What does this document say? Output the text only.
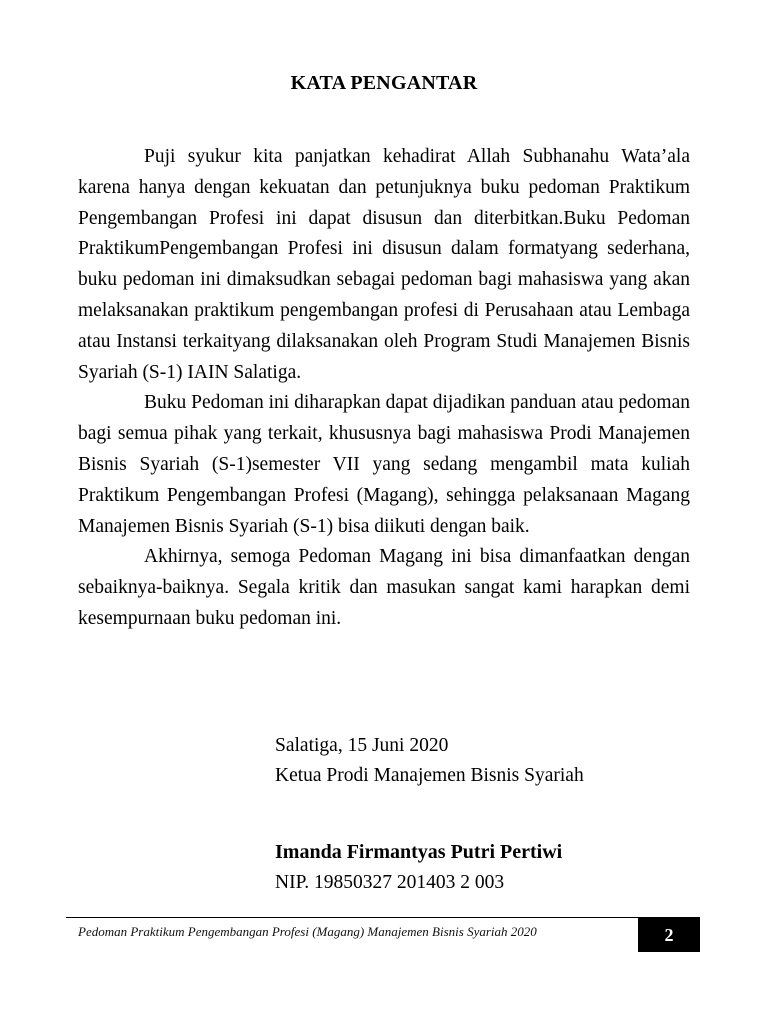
KATA PENGANTAR

Puji syukur kita panjatkan kehadirat Allah Subhanahu Wata’ala karena hanya dengan kekuatan dan petunjuknya buku pedoman Praktikum Pengembangan Profesi ini dapat disusun dan diterbitkan.Buku Pedoman PraktikumPengembangan Profesi ini disusun dalam formatyang sederhana, buku pedoman ini dimaksudkan sebagai pedoman bagi mahasiswa yang akan melaksanakan praktikum pengembangan profesi di Perusahaan atau Lembaga atau Instansi terkaityang dilaksanakan oleh Program Studi Manajemen Bisnis Syariah (S-1) IAIN Salatiga.

Buku Pedoman ini diharapkan dapat dijadikan panduan atau pedoman bagi semua pihak yang terkait, khususnya bagi mahasiswa Prodi Manajemen Bisnis Syariah (S-1)semester VII yang sedang mengambil mata kuliah Praktikum Pengembangan Profesi (Magang), sehingga pelaksanaan Magang Manajemen Bisnis Syariah (S-1) bisa diikuti dengan baik.

Akhirnya, semoga Pedoman Magang ini bisa dimanfaatkan dengan sebaiknya-baiknya. Segala kritik dan masukan sangat kami harapkan demi kesempurnaan buku pedoman ini.

Salatiga, 15 Juni 2020
Ketua Prodi Manajemen Bisnis Syariah
Imanda Firmantyas Putri Pertiwi
NIP. 19850327 201403 2 003
Pedoman Praktikum Pengembangan Profesi (Magang) Manajemen Bisnis Syariah 2020	2
